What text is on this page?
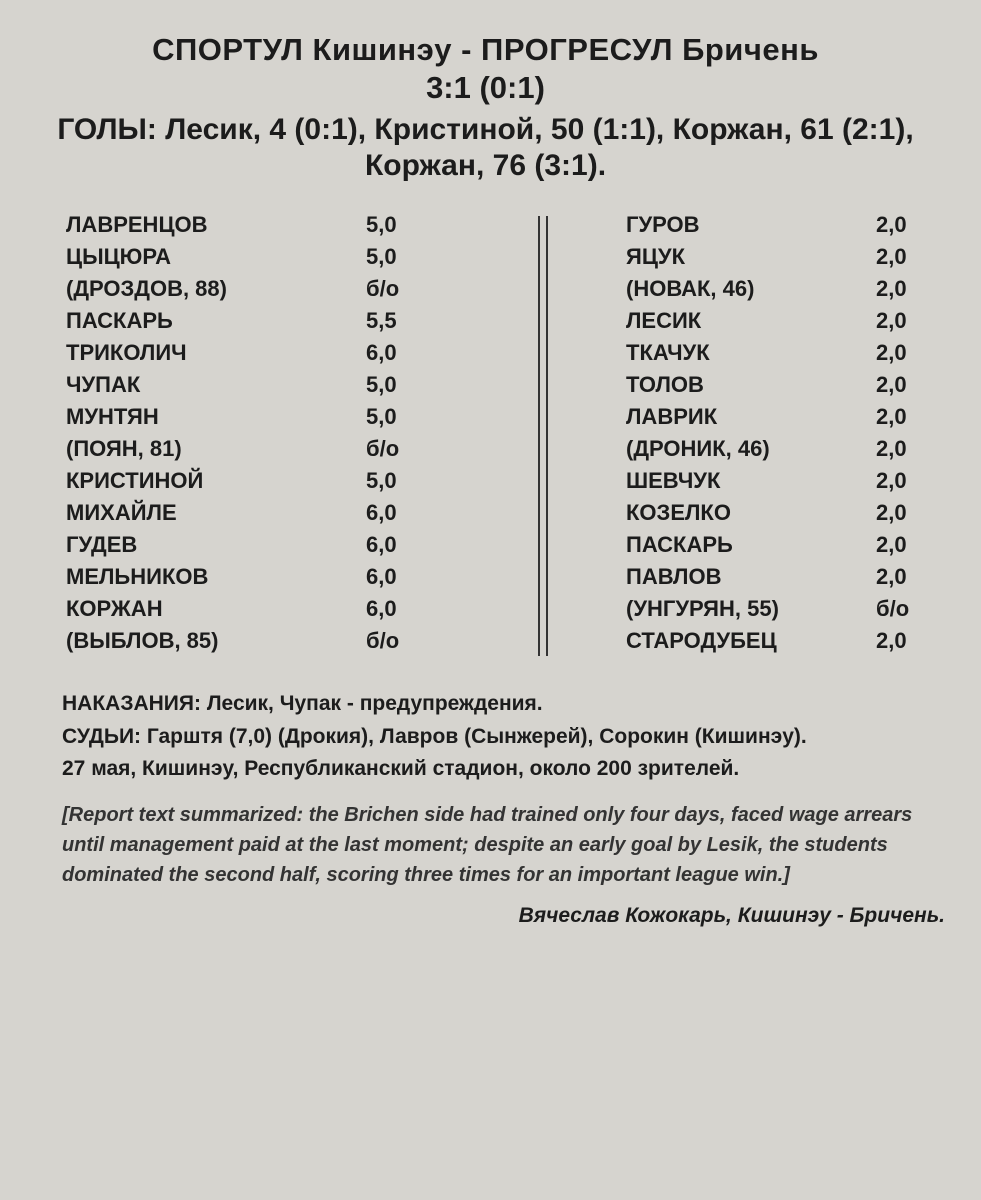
СПОРТУЛ Кишинэу - ПРОГРЕСУЛ Бричень
3:1 (0:1)
ГОЛЫ: Лесик, 4 (0:1), Кристиной, 50 (1:1), Коржан, 61 (2:1), Коржан, 76 (3:1).
ЛАВРЕНЦОВ	5,0
ЦЫЦЮРА	5,0
(ДРОЗДОВ, 88)	б/о
ПАСКАРЬ	5,5
ТРИКОЛИЧ	6,0
ЧУПАК	5,0
МУНТЯН	5,0
(ПОЯН, 81)	б/о
КРИСТИНОЙ	5,0
МИХАЙЛЕ	6,0
ГУДЕВ	6,0
МЕЛЬНИКОВ	6,0
КОРЖАН	6,0
(ВЫБЛОВ, 85)	б/о
ГУРОВ	2,0
ЯЦУК	2,0
(НОВАК, 46)	2,0
ЛЕСИК	2,0
ТКАЧУК	2,0
ТОЛОВ	2,0
ЛАВРИК	2,0
(ДРОНИК, 46)	2,0
ШЕВЧУК	2,0
КОЗЕЛКО	2,0
ПАСКАРЬ	2,0
ПАВЛОВ	2,0
(УНГУРЯН, 55)	б/о
СТАРОДУБЕЦ	2,0
НАКАЗАНИЯ: Лесик, Чупак - предупреждения.
СУДЬИ: Гарштя (7,0) (Дрокия), Лавров (Сынжерей), Сорокин (Кишинэу).
27 мая, Кишинэу, Республиканский стадион, около 200 зрителей.
[Report text summarized: the Brichen side had trained only four days, faced wage arrears until management paid at the last moment; despite an early goal by Lesik, the students dominated the second half, scoring three times for an important league win.]
Вячеслав Кожокарь, Кишинэу - Бричень.
